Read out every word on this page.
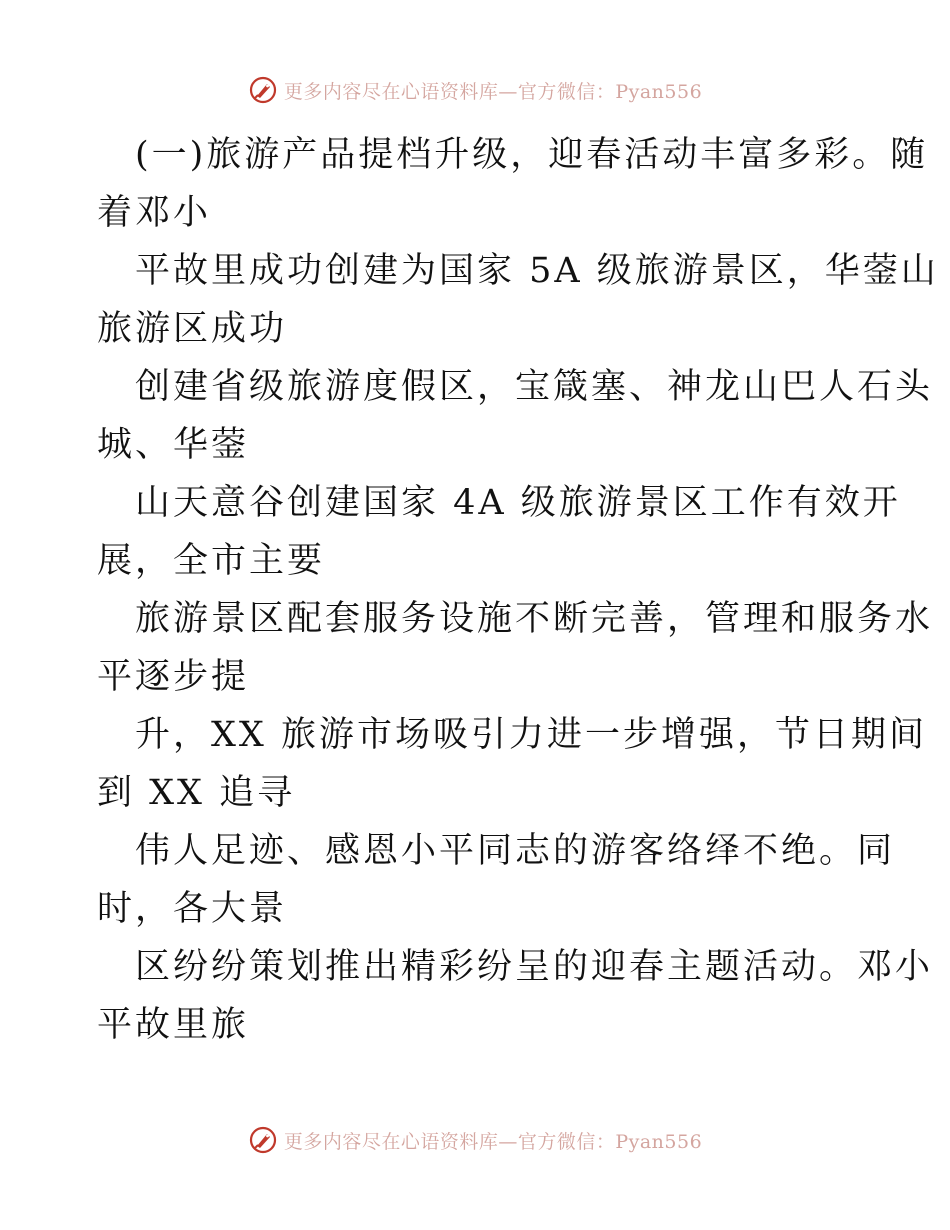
更多内容尽在心语资料库—官方微信：Pyan556
(一)旅游产品提档升级，迎春活动丰富多彩。随
着邓小
平故里成功创建为国家 5A 级旅游景区，华蓥山
旅游区成功
创建省级旅游度假区，宝箴塞、神龙山巴人石头
城、华蓥
山天意谷创建国家 4A 级旅游景区工作有效开
展，全市主要
旅游景区配套服务设施不断完善，管理和服务水
平逐步提
升，XX 旅游市场吸引力进一步增强，节日期间
到 XX 追寻
伟人足迹、感恩小平同志的游客络绎不绝。同
时，各大景
区纷纷策划推出精彩纷呈的迎春主题活动。邓小
平故里旅
更多内容尽在心语资料库—官方微信：Pyan556
